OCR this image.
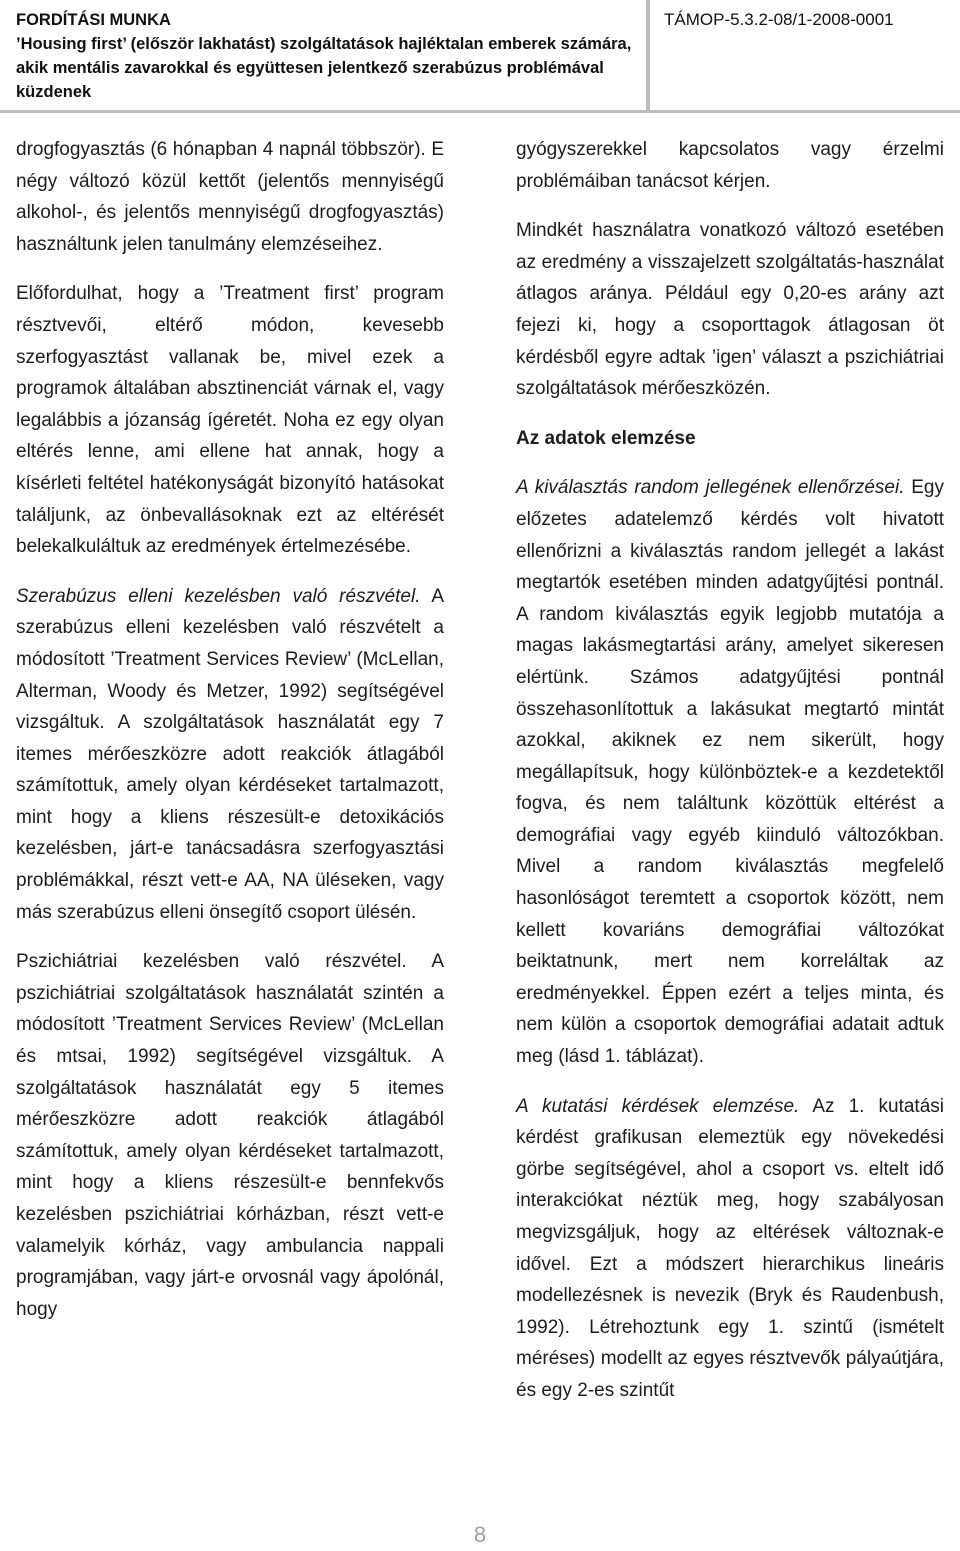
FORDÍTÁSI MUNKA
’Housing first’ (először lakhatást) szolgáltatások hajléktalan emberek számára, akik mentális zavarokkal és együttesen jelentkező szerabúzus problémával küzdenek
TÁMOP-5.3.2-08/1-2008-0001

drogfogyasztás (6 hónapban 4 napnál többször). E négy változó közül kettőt (jelentős mennyiségű alkohol-, és jelentős mennyiségű drogfogyasztás) használtunk jelen tanulmány elemzéseihez.

Előfordulhat, hogy a ’Treatment first’ program résztvevői, eltérő módon, kevesebb szerfogyasztást vallanak be, mivel ezek a programok általában absztinenciát várnak el, vagy legalábbis a józanság ígéretét. Noha ez egy olyan eltérés lenne, ami ellene hat annak, hogy a kísérleti feltétel hatékonyságát bizonyító hatásokat találjunk, az önbevallásoknak ezt az eltérését belekalkuláltuk az eredmények értelmezésébe.

Szerabúzus elleni kezelésben való részvétel. A szerabúzus elleni kezelésben való részvételt a módosított ’Treatment Services Review’ (McLellan, Alterman, Woody és Metzer, 1992) segítségével vizsgáltuk. A szolgáltatások használatát egy 7 itemes mérőeszközre adott reakciók átlagából számítottuk, amely olyan kérdéseket tartalmazott, mint hogy a kliens részesült-e detoxikációs kezelésben, járt-e tanácsadásra szerfogyasztási problémákkal, részt vett-e AA, NA üléseken, vagy más szerabúzus elleni önsegítő csoport ülésén.

Pszichiátriai kezelésben való részvétel. A pszichiátriai szolgáltatások használatát szintén a módosított ’Treatment Services Review’ (McLellan és mtsai, 1992) segítségével vizsgáltuk. A szolgáltatások használatát egy 5 itemes mérőeszközre adott reakciók átlagából számítottuk, amely olyan kérdéseket tartalmazott, mint hogy a kliens részesült-e bennfekvős kezelésben pszichiátriai kórházban, részt vett-e valamelyik kórház, vagy ambulancia nappali programjában, vagy járt-e orvosnál vagy ápolónál, hogy

gyógyszerekkel kapcsolatos vagy érzelmi problémáiban tanácsot kérjen.

Mindkét használatra vonatkozó változó esetében az eredmény a visszajelzett szolgáltatás-használat átlagos aránya. Például egy 0,20-es arány azt fejezi ki, hogy a csoporttagok átlagosan öt kérdésből egyre adtak ’igen’ választ a pszichiátriai szolgáltatások mérőeszközén.

Az adatok elemzése

A kiválasztás random jellegének ellenőrzései. Egy előzetes adatelemző kérdés volt hivatott ellenőrizni a kiválasztás random jellegét a lakást megtartók esetében minden adatgyűjtési pontnál. A random kiválasztás egyik legjobb mutatója a magas lakásmegtartási arány, amelyet sikeresen elértünk. Számos adatgyűjtési pontnál összehasonlítottuk a lakásukat megtartó mintát azokkal, akiknek ez nem sikerült, hogy megállapítsuk, hogy különböztek-e a kezdetektől fogva, és nem találtunk közöttük eltérést a demográfiai vagy egyéb kiinduló változókban. Mivel a random kiválasztás megfelelő hasonlóságot teremtett a csoportok között, nem kellett kovariáns demográfiai változókat beiktatnunk, mert nem korreláltak az eredményekkel. Éppen ezért a teljes minta, és nem külön a csoportok demográfiai adatait adtuk meg (lásd 1. táblázat).

A kutatási kérdések elemzése. Az 1. kutatási kérdést grafikusan elemeztük egy növekedési görbe segítségével, ahol a csoport vs. eltelt idő interakciókat néztük meg, hogy szabályosan megvizsgáljuk, hogy az eltérések változnak-e idővel. Ezt a módszert hierarchikus lineáris modellezésnek is nevezik (Bryk és Raudenbush, 1992). Létrehoztunk egy 1. szintű (ismételt méréses) modellt az egyes résztvevők pályaútjára, és egy 2-es szintűt

8
